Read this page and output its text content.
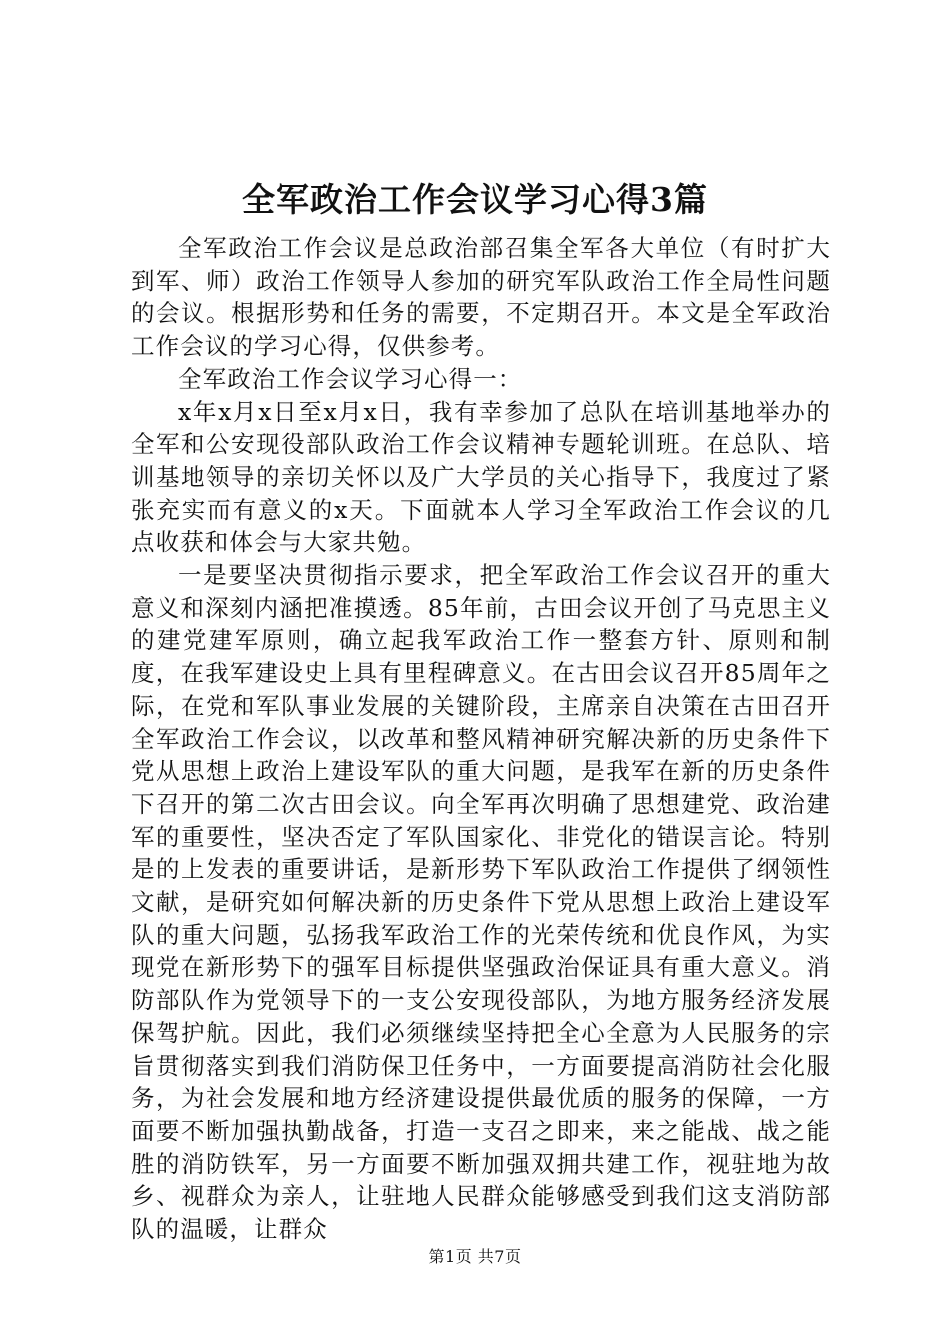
全军政治工作会议学习心得3篇

全军政治工作会议是总政治部召集全军各大单位（有时扩大到军、师）政治工作领导人参加的研究军队政治工作全局性问题的会议。根据形势和任务的需要，不定期召开。本文是全军政治工作会议的学习心得，仅供参考。

全军政治工作会议学习心得一：

x年x月x日至x月x日，我有幸参加了总队在培训基地举办的全军和公安现役部队政治工作会议精神专题轮训班。在总队、培训基地领导的亲切关怀以及广大学员的关心指导下，我度过了紧张充实而有意义的x天。下面就本人学习全军政治工作会议的几点收获和体会与大家共勉。

一是要坚决贯彻指示要求，把全军政治工作会议召开的重大意义和深刻内涵把准摸透。85年前，古田会议开创了马克思主义的建党建军原则，确立起我军政治工作一整套方针、原则和制度，在我军建设史上具有里程碑意义。在古田会议召开85周年之际，在党和军队事业发展的关键阶段，主席亲自决策在古田召开全军政治工作会议，以改革和整风精神研究解决新的历史条件下党从思想上政治上建设军队的重大问题，是我军在新的历史条件下召开的第二次古田会议。向全军再次明确了思想建党、政治建军的重要性，坚决否定了军队国家化、非党化的错误言论。特别是的上发表的重要讲话，是新形势下军队政治工作提供了纲领性文献，是研究如何解决新的历史条件下党从思想上政治上建设军队的重大问题，弘扬我军政治工作的光荣传统和优良作风，为实现党在新形势下的强军目标提供坚强政治保证具有重大意义。消防部队作为党领导下的一支公安现役部队，为地方服务经济发展保驾护航。因此，我们必须继续坚持把全心全意为人民服务的宗旨贯彻落实到我们消防保卫任务中，一方面要提高消防社会化服务，为社会发展和地方经济建设提供最优质的服务的保障，一方面要不断加强执勤战备，打造一支召之即来，来之能战、战之能胜的消防铁军，另一方面要不断加强双拥共建工作，视驻地为故乡、视群众为亲人，让驻地人民群众能够感受到我们这支消防部队的温暖，让群众

第1页 共7页
